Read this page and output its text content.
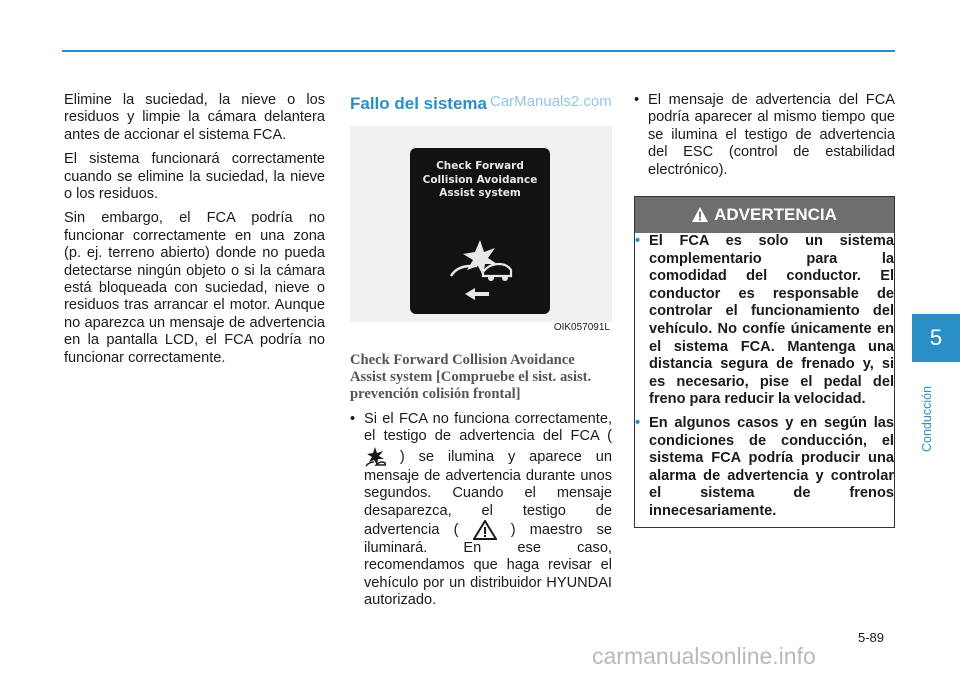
Elimine la suciedad, la nieve o los residuos y limpie la cámara delantera antes de accionar el sistema FCA.

El sistema funcionará correctamente cuando se elimine la suciedad, la nieve o los residuos.

Sin embargo, el FCA podría no funcionar correctamente en una zona (p. ej. terreno abierto) donde no pueda detectarse ningún objeto o si la cámara está bloqueada con suciedad, nieve o residuos tras arrancar el motor. Aunque no aparezca un mensaje de advertencia en la pantalla LCD, el FCA podría no funcionar correctamente.

Fallo del sistema
Check Forward
Collision Avoidance
Assist system
OIK057091L
Check Forward Collision Avoidance Assist system [Compruebe el sist. asist. prevención colisión frontal]
• Si el FCA no funciona correctamente, el testigo de advertencia del FCA (  ) se ilumina y aparece un mensaje de advertencia durante unos segundos. Cuando el mensaje desaparezca, el testigo de advertencia (	) maestro se iluminará. En ese caso, recomendamos que haga revisar el vehículo por un distribuidor HYUNDAI autorizado.
• El mensaje de advertencia del FCA podría aparecer al mismo tiempo que se ilumina el testigo de advertencia del ESC (control de estabilidad electrónico).
ADVERTENCIA
• El FCA es solo un sistema complementario para la comodidad del conductor. El conductor es responsable de controlar el funcionamiento del vehículo. No confíe únicamente en el sistema FCA. Mantenga una distancia segura de frenado y, si es necesario, pise el pedal del freno para reducir la velocidad.
• En algunos casos y en según las condiciones de conducción, el sistema FCA podría producir una alarma de advertencia y controlar el sistema de frenos innecesariamente.
CarManuals2.com
5
Conducción
5-89
carmanualsonline.info
